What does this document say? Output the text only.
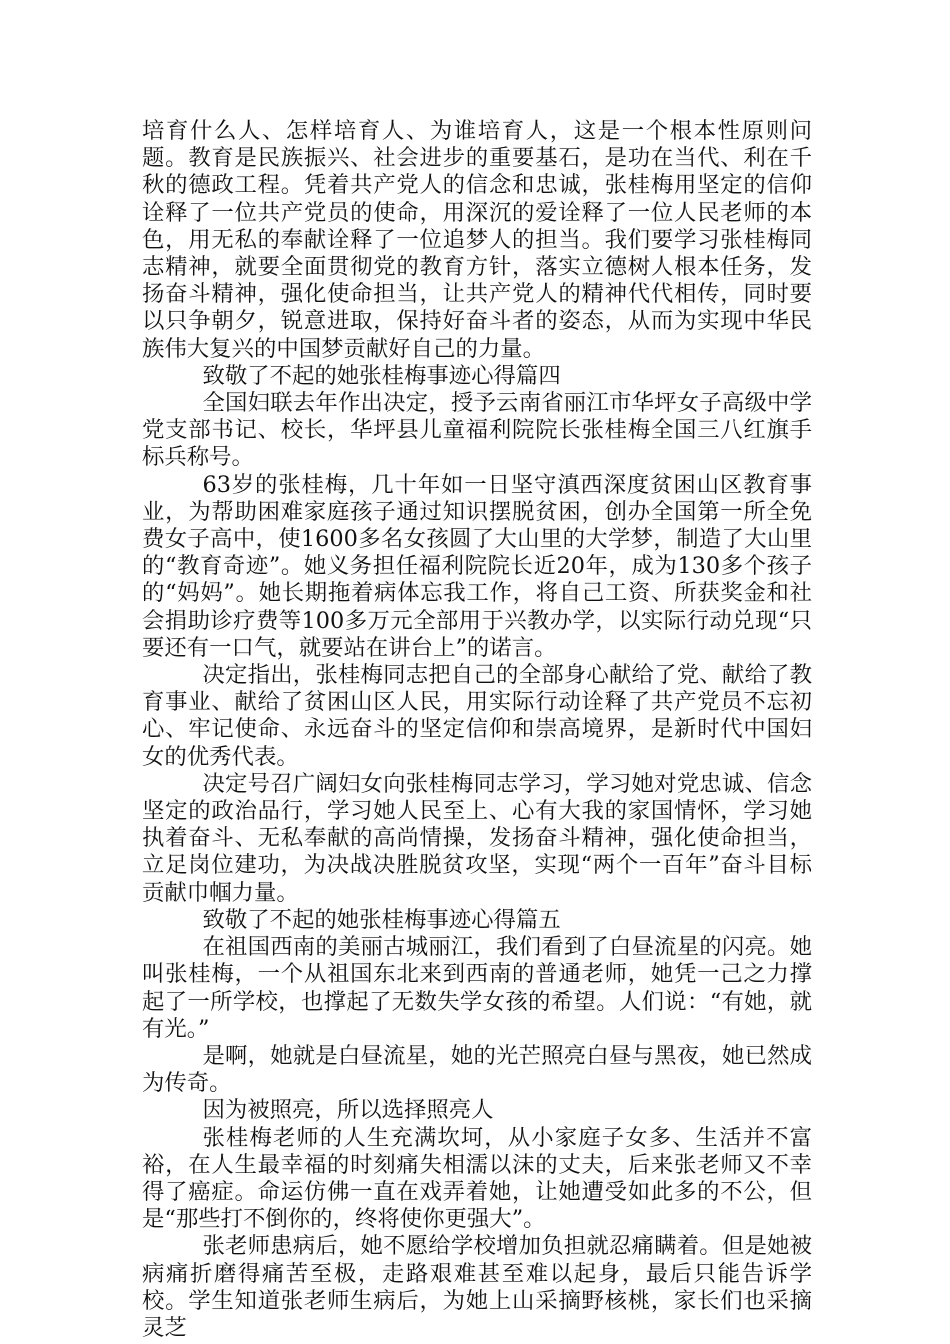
培育什么人、怎样培育人、为谁培育人，这是一个根本性原则问题。教育是民族振兴、社会进步的重要基石，是功在当代、利在千秋的德政工程。凭着共产党人的信念和忠诚，张桂梅用坚定的信仰诠释了一位共产党员的使命，用深沉的爱诠释了一位人民老师的本色，用无私的奉献诠释了一位追梦人的担当。我们要学习张桂梅同志精神，就要全面贯彻党的教育方针，落实立德树人根本任务，发扬奋斗精神，强化使命担当，让共产党人的精神代代相传，同时要以只争朝夕，锐意进取，保持好奋斗者的姿态，从而为实现中华民族伟大复兴的中国梦贡献好自己的力量。

致敬了不起的她张桂梅事迹心得篇四

全国妇联去年作出决定，授予云南省丽江市华坪女子高级中学党支部书记、校长，华坪县儿童福利院院长张桂梅全国三八红旗手标兵称号。

63岁的张桂梅，几十年如一日坚守滇西深度贫困山区教育事业，为帮助困难家庭孩子通过知识摆脱贫困，创办全国第一所全免费女子高中，使1600多名女孩圆了大山里的大学梦，制造了大山里的“教育奇迹”。她义务担任福利院院长近20年，成为130多个孩子的“妈妈”。她长期拖着病体忘我工作，将自己工资、所获奖金和社会捐助诊疗费等100多万元全部用于兴教办学，以实际行动兑现“只要还有一口气，就要站在讲台上”的诺言。

决定指出，张桂梅同志把自己的全部身心献给了党、献给了教育事业、献给了贫困山区人民，用实际行动诠释了共产党员不忘初心、牢记使命、永远奋斗的坚定信仰和崇高境界，是新时代中国妇女的优秀代表。

决定号召广阔妇女向张桂梅同志学习，学习她对党忠诚、信念坚定的政治品行，学习她人民至上、心有大我的家国情怀，学习她执着奋斗、无私奉献的高尚情操，发扬奋斗精神，强化使命担当，立足岗位建功，为决战决胜脱贫攻坚，实现“两个一百年”奋斗目标贡献巾帼力量。

致敬了不起的她张桂梅事迹心得篇五

在祖国西南的美丽古城丽江，我们看到了白昼流星的闪亮。她叫张桂梅，一个从祖国东北来到西南的普通老师，她凭一己之力撑起了一所学校，也撑起了无数失学女孩的希望。人们说：“有她，就有光。”

是啊，她就是白昼流星，她的光芒照亮白昼与黑夜，她已然成为传奇。

因为被照亮，所以选择照亮人

张桂梅老师的人生充满坎坷，从小家庭子女多、生活并不富裕，在人生最幸福的时刻痛失相濡以沫的丈夫，后来张老师又不幸得了癌症。命运仿佛一直在戏弄着她，让她遭受如此多的不公，但是“那些打不倒你的，终将使你更强大”。

张老师患病后，她不愿给学校增加负担就忍痛瞒着。但是她被病痛折磨得痛苦至极，走路艰难甚至难以起身，最后只能告诉学校。学生知道张老师生病后，为她上山采摘野核桃，家长们也采摘灵芝
